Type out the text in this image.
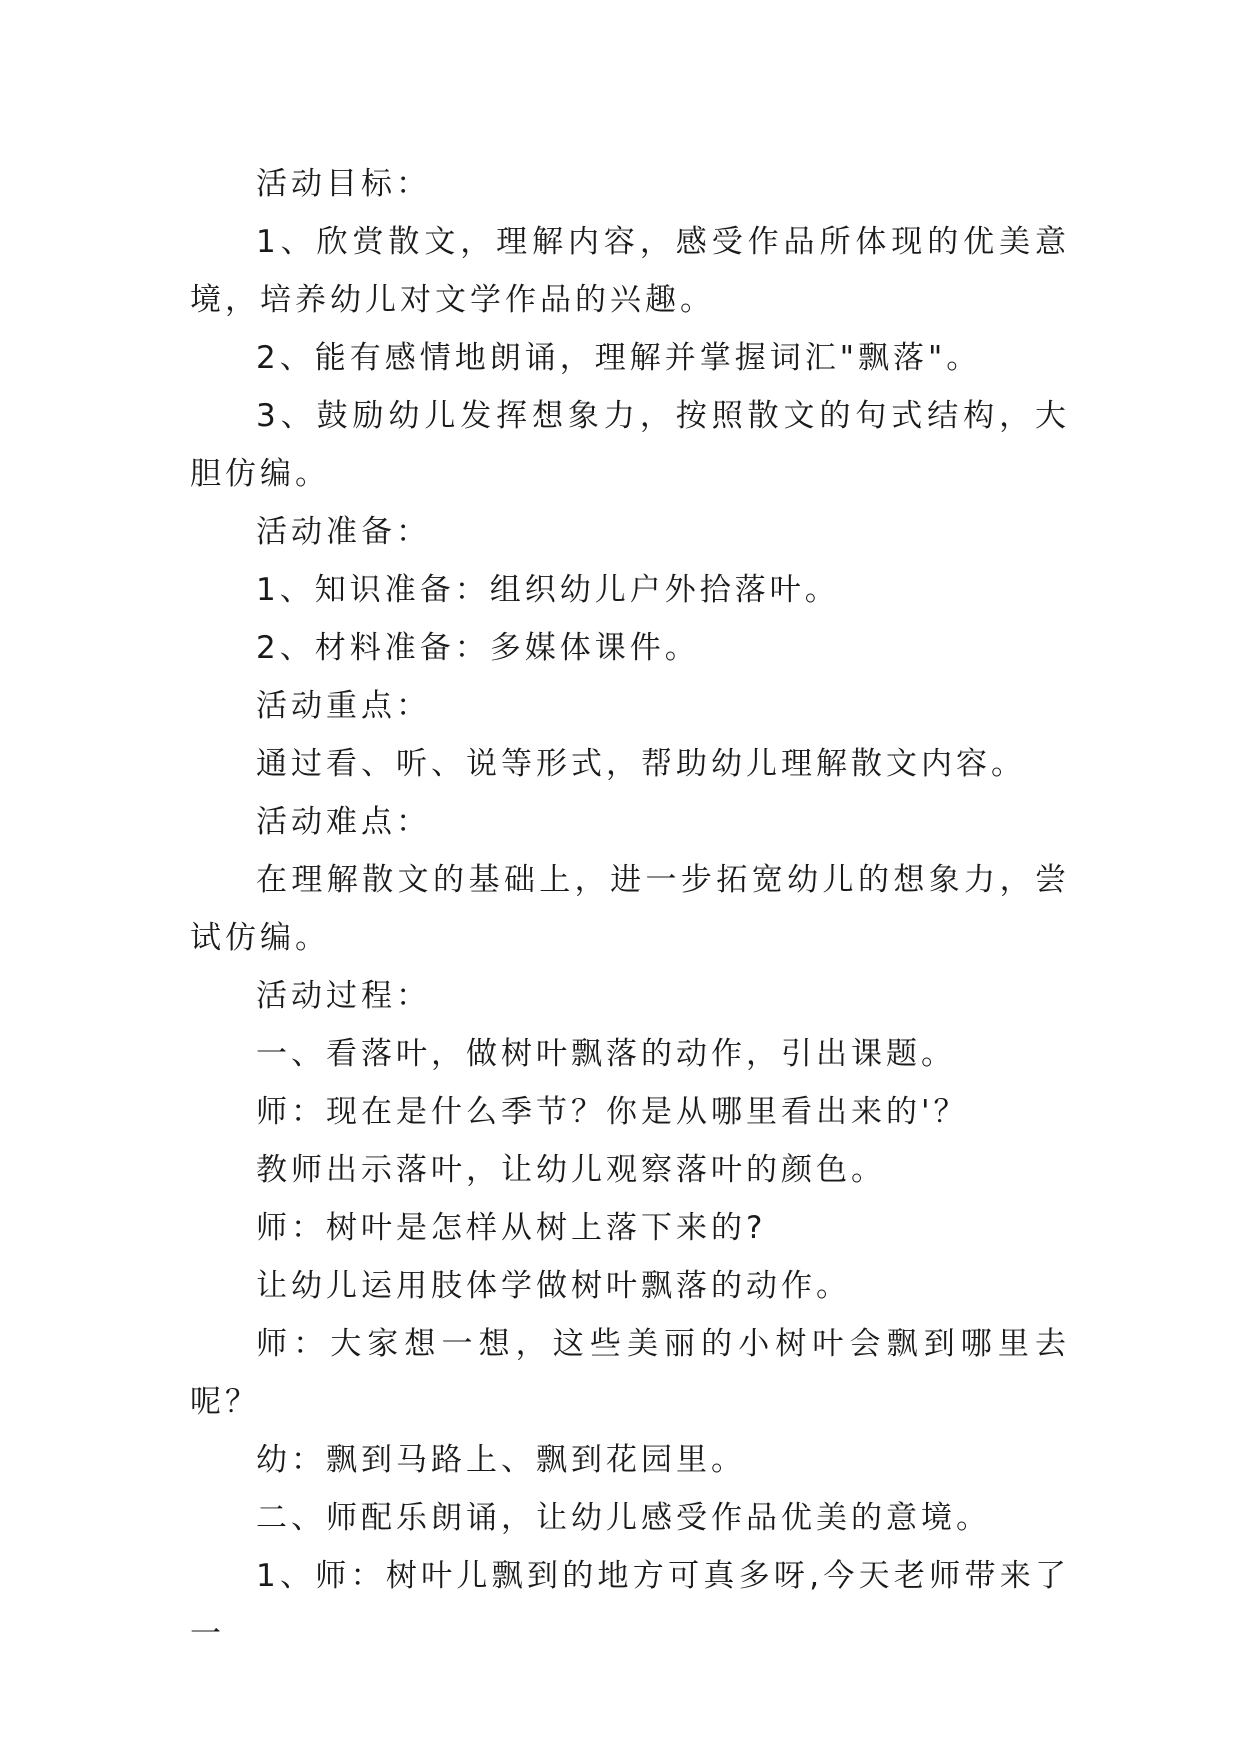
活动目标：

1、欣赏散文，理解内容，感受作品所体现的优美意境，培养幼儿对文学作品的兴趣。

2、能有感情地朗诵，理解并掌握词汇"飘落"。

3、鼓励幼儿发挥想象力，按照散文的句式结构，大胆仿编。

活动准备：

1、知识准备：组织幼儿户外拾落叶。

2、材料准备：多媒体课件。

活动重点：

通过看、听、说等形式，帮助幼儿理解散文内容。

活动难点：

在理解散文的基础上，进一步拓宽幼儿的想象力，尝试仿编。

活动过程：

一、看落叶，做树叶飘落的动作，引出课题。

师：现在是什么季节？你是从哪里看出来的'？

教师出示落叶，让幼儿观察落叶的颜色。

师：树叶是怎样从树上落下来的?

让幼儿运用肢体学做树叶飘落的动作。

师：大家想一想，这些美丽的小树叶会飘到哪里去呢？

幼：飘到马路上、飘到花园里。

二、师配乐朗诵，让幼儿感受作品优美的意境。

1、师：树叶儿飘到的地方可真多呀,今天老师带来了一
